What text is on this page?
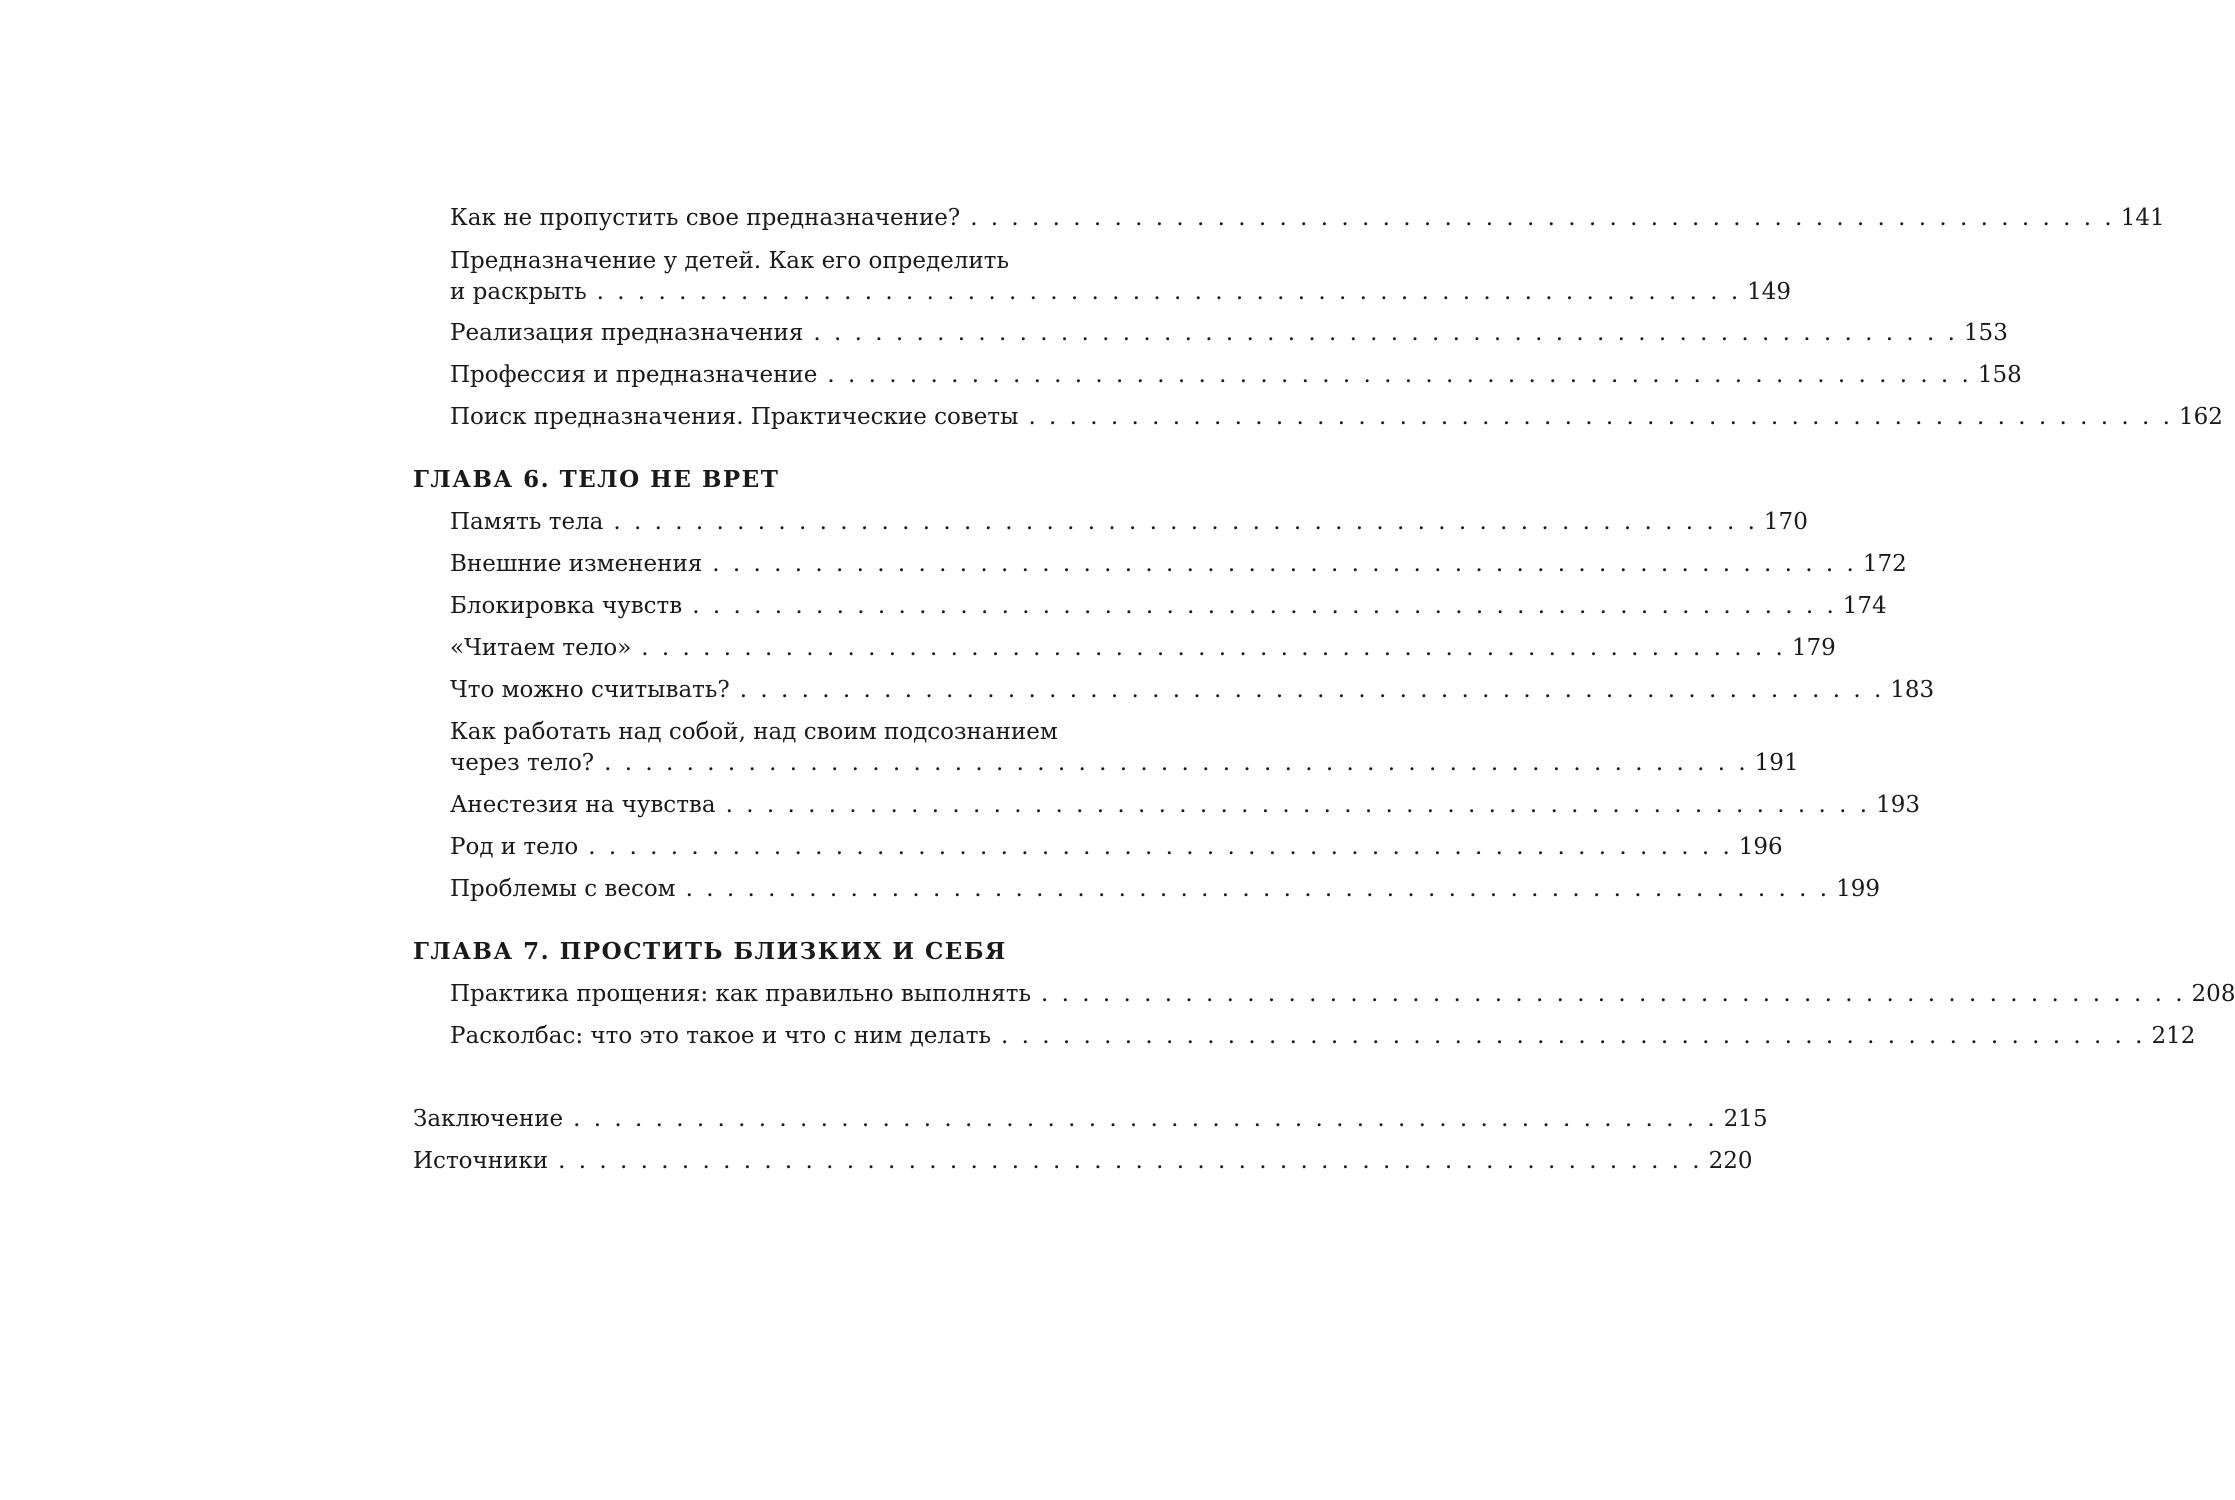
Как не пропустить свое предназначение? . . . . . . . . . . . . . . . . . . . . . . . . . . . . . . . . . . . . . . . . . . . . . . . . . . . . . . . . 141
Предназначение у детей. Как его определить
и раскрыть . . . . . . . . . . . . . . . . . . . . . . . . . . . . . . . . . . . . . . . . . . . . . . . . . . . . . . . . 149
Реализация предназначения . . . . . . . . . . . . . . . . . . . . . . . . . . . . . . . . . . . . . . . . . . . . . . . . . . . . . . . . 153
Профессия и предназначение . . . . . . . . . . . . . . . . . . . . . . . . . . . . . . . . . . . . . . . . . . . . . . . . . . . . . . . . 158
Поиск предназначения. Практические советы . . . . . . . . . . . . . . . . . . . . . . . . . . . . . . . . . . . . . . . . . . . . . . . . . . . . . . . . 162
ГЛАВА 6. ТЕЛО НЕ ВРЕТ
Память тела . . . . . . . . . . . . . . . . . . . . . . . . . . . . . . . . . . . . . . . . . . . . . . . . . . . . . . . . 170
Внешние изменения . . . . . . . . . . . . . . . . . . . . . . . . . . . . . . . . . . . . . . . . . . . . . . . . . . . . . . . . 172
Блокировка чувств . . . . . . . . . . . . . . . . . . . . . . . . . . . . . . . . . . . . . . . . . . . . . . . . . . . . . . . . 174
«Читаем тело» . . . . . . . . . . . . . . . . . . . . . . . . . . . . . . . . . . . . . . . . . . . . . . . . . . . . . . . . 179
Что можно считывать? . . . . . . . . . . . . . . . . . . . . . . . . . . . . . . . . . . . . . . . . . . . . . . . . . . . . . . . . 183
Как работать над собой, над своим подсознанием
через тело? . . . . . . . . . . . . . . . . . . . . . . . . . . . . . . . . . . . . . . . . . . . . . . . . . . . . . . . . 191
Анестезия на чувства . . . . . . . . . . . . . . . . . . . . . . . . . . . . . . . . . . . . . . . . . . . . . . . . . . . . . . . . 193
Род и тело . . . . . . . . . . . . . . . . . . . . . . . . . . . . . . . . . . . . . . . . . . . . . . . . . . . . . . . . 196
Проблемы с весом . . . . . . . . . . . . . . . . . . . . . . . . . . . . . . . . . . . . . . . . . . . . . . . . . . . . . . . . 199
ГЛАВА 7. ПРОСТИТЬ БЛИЗКИХ И СЕБЯ
Практика прощения: как правильно выполнять . . . . . . . . . . . . . . . . . . . . . . . . . . . . . . . . . . . . . . . . . . . . . . . . . . . . . . . . 208
Расколбас: что это такое и что с ним делать . . . . . . . . . . . . . . . . . . . . . . . . . . . . . . . . . . . . . . . . . . . . . . . . . . . . . . . . 212
Заключение . . . . . . . . . . . . . . . . . . . . . . . . . . . . . . . . . . . . . . . . . . . . . . . . . . . . . . . . 215
Источники . . . . . . . . . . . . . . . . . . . . . . . . . . . . . . . . . . . . . . . . . . . . . . . . . . . . . . . . 220
